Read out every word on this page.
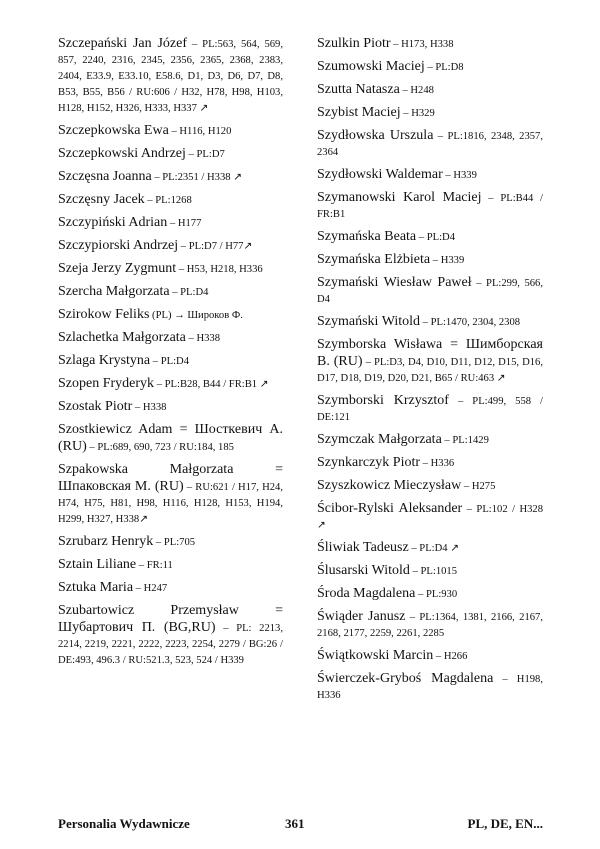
Szczepański Jan Józef – PL:563, 564, 569, 857, 2240, 2316, 2345, 2356, 2365, 2368, 2383, 2404, E33.9, E33.10, E58.6, D1, D3, D6, D7, D8, B53, B55, B56 / RU:606 / H32, H78, H98, H103, H128, H152, H326, H333, H337 ↗
Szczepkowska Ewa – H116, H120
Szczepkowski Andrzej – PL:D7
Szczęsna Joanna – PL:2351 / H338 ↗
Szczęsny Jacek – PL:1268
Szczypiński Adrian – H177
Szczypiorski Andrzej – PL:D7 / H77↗
Szeja Jerzy Zygmunt – H53, H218, H336
Szercha Małgorzata – PL:D4
Szirokow Feliks (PL) → Широков Ф.
Szlachetka Małgorzata – H338
Szlaga Krystyna – PL:D4
Szopen Fryderyk – PL:B28, B44 / FR:B1 ↗
Szostak Piotr – H338
Szostkiewicz Adam = Шосткевич А. (RU) – PL:689, 690, 723 / RU:184, 185
Szpakowska Małgorzata = Шпаковская М. (RU) – RU:621 / H17, H24, H74, H75, H81, H98, H116, H128, H153, H194, H299, H327, H338↗
Szrubarz Henryk – PL:705
Sztain Liliane – FR:11
Sztuka Maria – H247
Szubartowicz Przemysław = Шубартович П. (BG,RU) – PL: 2213, 2214, 2219, 2221, 2222, 2223, 2254, 2279 / BG:26 / DE:493, 496.3 / RU:521.3, 523, 524 / H339
Szulkin Piotr – H173, H338
Szumowski Maciej – PL:D8
Szutta Natasza – H248
Szybist Maciej – H329
Szydłowska Urszula – PL:1816, 2348, 2357, 2364
Szydłowski Waldemar – H339
Szymanowski Karol Maciej – PL:B44 / FR:B1
Szymańska Beata – PL:D4
Szymańska Elżbieta – H339
Szymański Wiesław Paweł – PL:299, 566, D4
Szymański Witold – PL:1470, 2304, 2308
Szymborska Wisława = Шимборская В. (RU) – PL:D3, D4, D10, D11, D12, D15, D16, D17, D18, D19, D20, D21, B65 / RU:463 ↗
Szymborski Krzysztof – PL:499, 558 / DE:121
Szymczak Małgorzata – PL:1429
Szynkarczyk Piotr – H336
Szyszkowicz Mieczysław – H275
Ścibor-Rylski Aleksander – PL:102 / H328 ↗
Śliwiak Tadeusz – PL:D4 ↗
Ślusarski Witold – PL:1015
Środa Magdalena – PL:930
Świąder Janusz – PL:1364, 1381, 2166, 2167, 2168, 2177, 2259, 2261, 2285
Świątkowski Marcin – H266
Świerczek-Gryboś Magdalena – H198, H336
Personalia Wydawnicze	361	PL, DE, EN...
